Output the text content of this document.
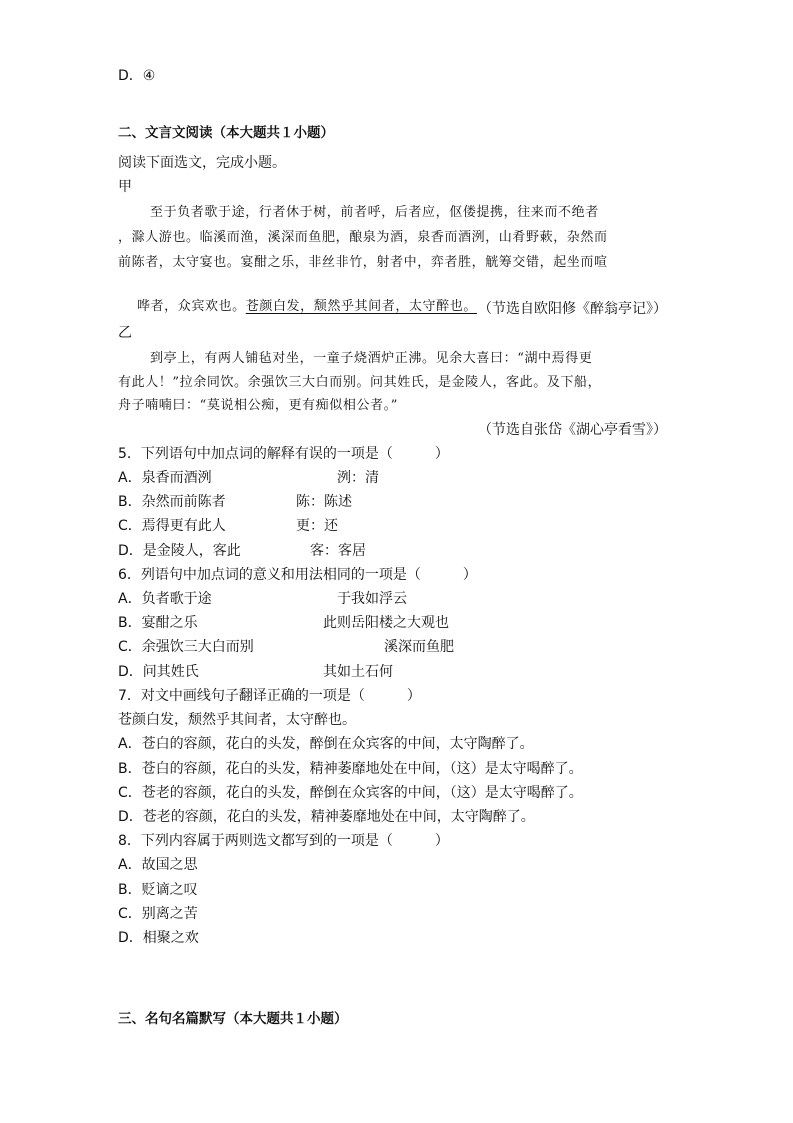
D．④
二、文言文阅读（本大题共１小题）
阅读下面选文，完成小题。
甲
至于负者歌于途，行者休于树，前者呼，后者应，伛偻提携，往来而不绝者
，滁人游也。临溪而渔，溪深而鱼肥，酿泉为酒，泉香而酒洌，山肴野蔌，杂然而
前陈者，太守宴也。宴酣之乐，非丝非竹，射者中，弈者胜，觥筹交错，起坐而喧

哗者，众宾欢也。苍颜白发，颓然乎其间者，太守醉也。
（节选自欧阳修《醉翁亭记》）
乙
到亭上，有两人铺毡对坐，一童子烧酒炉正沸。见余大喜曰：“湖中焉得更
有此人！”拉余同饮。余强饮三大白而别。问其姓氏，是金陵人，客此。及下船，
舟子喃喃曰：“莫说相公痴，更有痴似相公者。”
（节选自张岱《湖心亭看雪》）
5．下列语句中加点词的解释有误的一项是（　　　）
A．泉香而酒洌	洌：清
B．杂然而前陈者	陈：陈述
C．焉得更有此人	更：还
D．是金陵人，客此	客：客居
6．列语句中加点词的意义和用法相同的一项是（　　　）
A．负者歌于途	于我如浮云
B．宴酣之乐	此则岳阳楼之大观也
C．余强饮三大白而别	溪深而鱼肥
D．问其姓氏	其如土石何
7．对文中画线句子翻译正确的一项是（　　　）
苍颜白发，颓然乎其间者，太守醉也。
A．苍白的容颜，花白的头发，醉倒在众宾客的中间，太守陶醉了。
B．苍白的容颜，花白的头发，精神萎靡地处在中间，（这）是太守喝醉了。
C．苍老的容颜，花白的头发，醉倒在众宾客的中间，（这）是太守喝醉了。
D．苍老的容颜，花白的头发，精神萎靡地处在中间，太守陶醉了。
8．下列内容属于两则选文都写到的一项是（　　　）
A．故国之思
B．贬谪之叹
C．别离之苦
D．相聚之欢
三、名句名篇默写（本大题共１小题）
